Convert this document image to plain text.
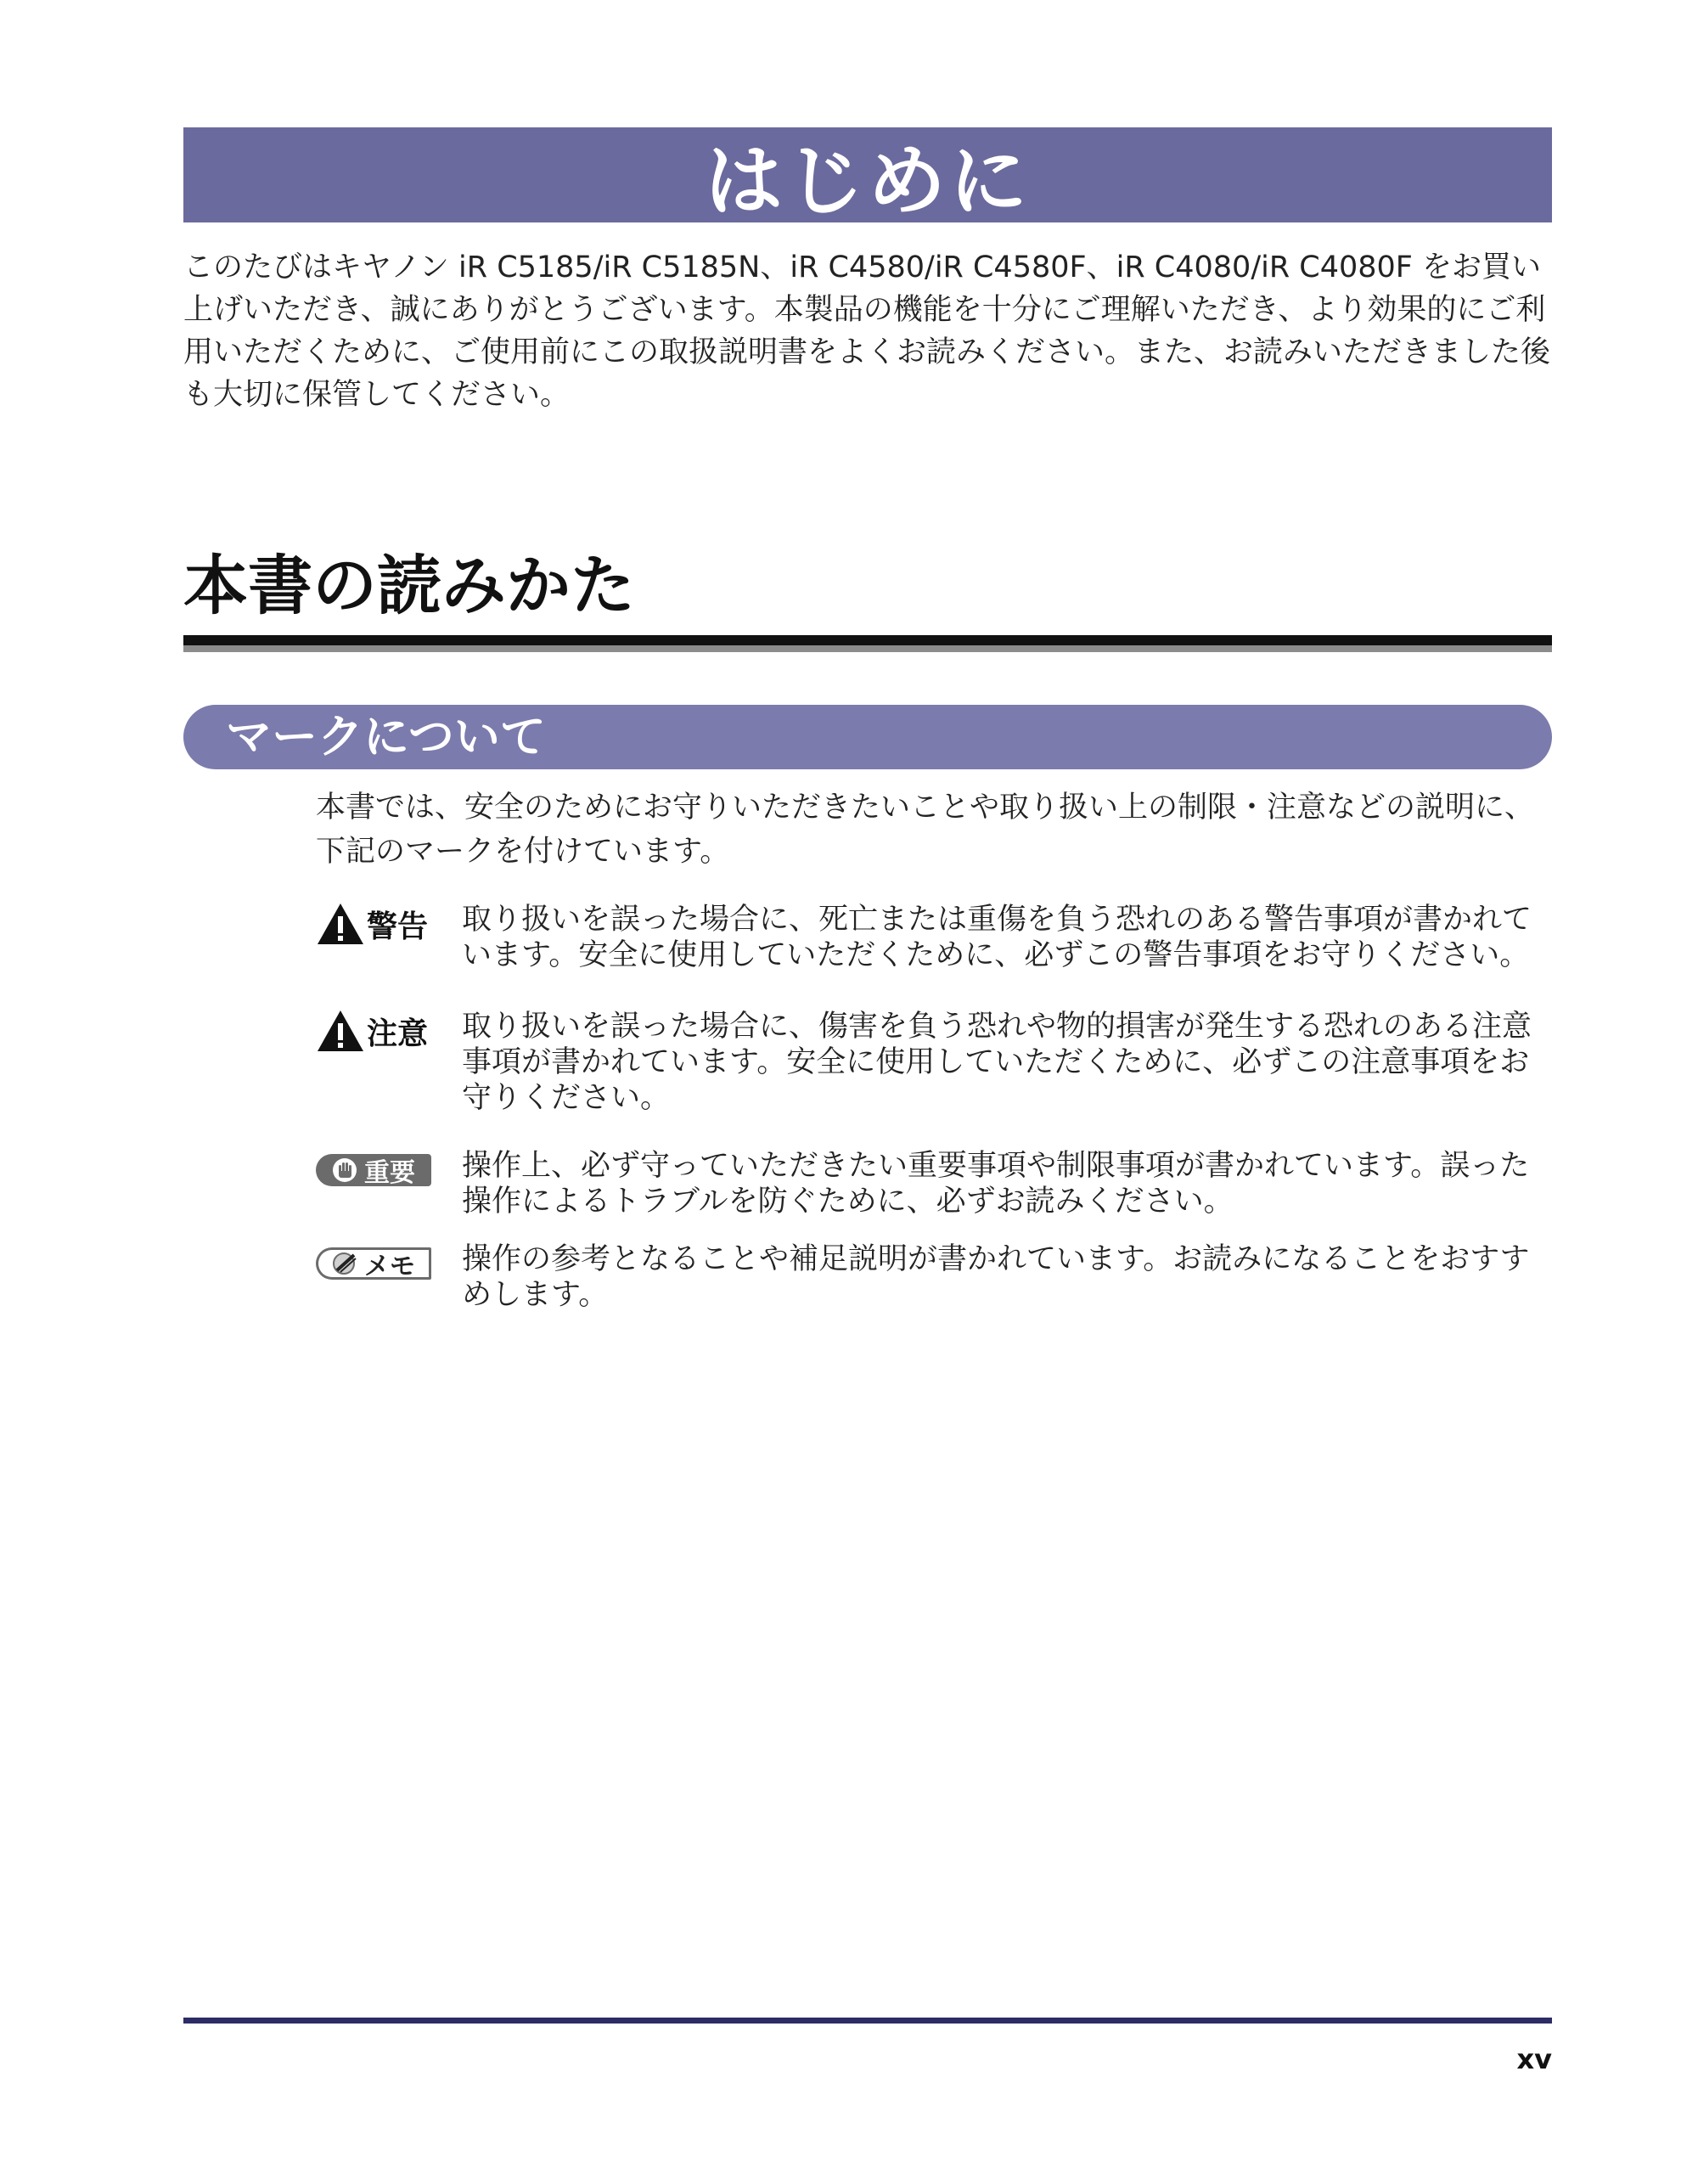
はじめに

このたびはキヤノン iR C5185/iR C5185N、iR C4580/iR C4580F、iR C4080/iR C4080F をお買い上げいただき、誠にありがとうございます。本製品の機能を十分にご理解いただき、より効果的にご利用いただくために、ご使用前にこの取扱説明書をよくお読みください。また、お読みいただきました後も大切に保管してください。

本書の読みかた
マークについて

本書では、安全のためにお守りいただきたいことや取り扱い上の制限・注意などの説明に、下記のマークを付けています。

警告 取り扱いを誤った場合に、死亡または重傷を負う恐れのある警告事項が書かれています。安全に使用していただくために、必ずこの警告事項をお守りください。

注意 取り扱いを誤った場合に、傷害を負う恐れや物的損害が発生する恐れのある注意事項が書かれています。安全に使用していただくために、必ずこの注意事項をお守りください。

重要 操作上、必ず守っていただきたい重要事項や制限事項が書かれています。誤った操作によるトラブルを防ぐために、必ずお読みください。

メモ 操作の参考となることや補足説明が書かれています。お読みになることをおすすめします。

xv
